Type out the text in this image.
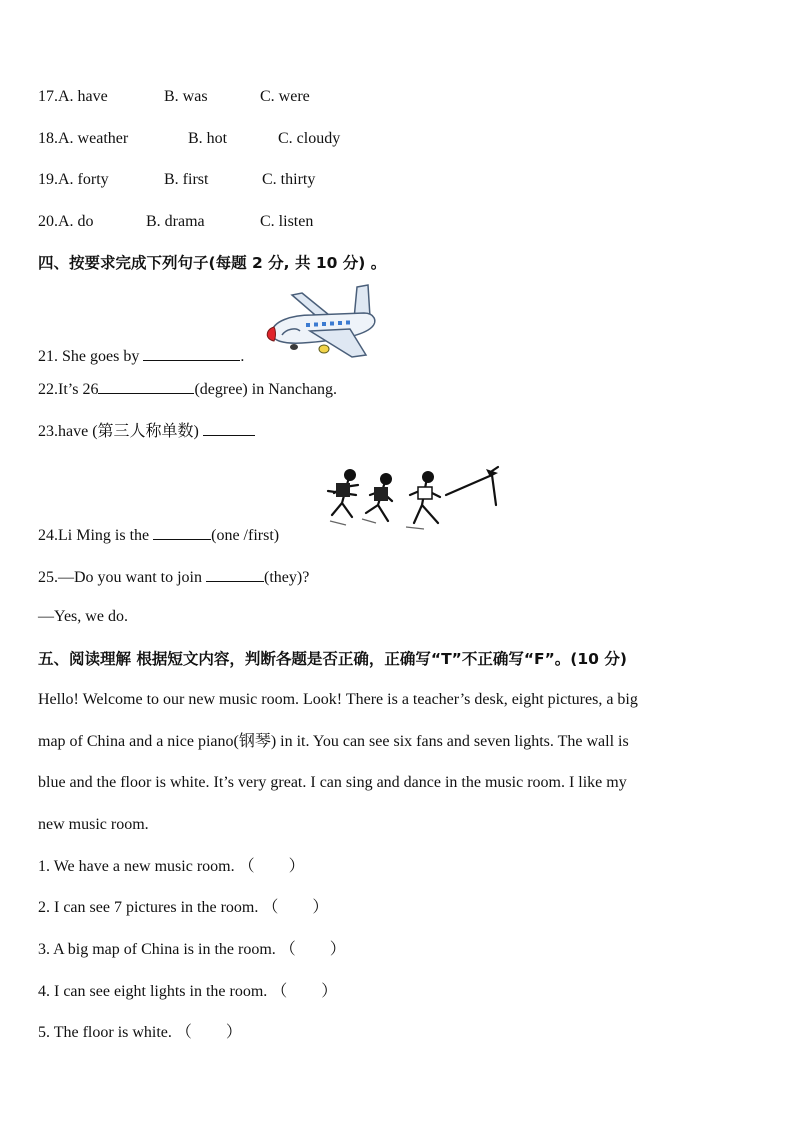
17.A. have	B. was	C. were
18.A. weather	B. hot	C. cloudy
19.A. forty	B. first	C. thirty
20.A. do	B. drama	C. listen
四、按要求完成下列句子(每题 2 分, 共 10 分) 。
21. She goes by	.
22.It’s 26	(degree) in Nanchang.
23.have (第三人称单数)
24.Li Ming is the	(one /first)
25.—Do you want to join	(they)?
—Yes, we do.
五、阅读理解 根据短文内容，判断各题是否正确，正确写“T”不正确写“F”。(10 分)
Hello! Welcome to our new music room. Look! There is a teacher’s desk, eight pictures, a big
map of China and a nice piano(钢琴) in it. You can see six fans and seven lights. The wall is
blue and the floor is white. It’s very great. I can sing and dance in the music room. I like my
new music room.
1. We have a new music room. （ ）
2. I can see 7 pictures in the room. （ ）
3. A big map of China is in the room. （ ）
4. I can see eight lights in the room. （ ）
5. The floor is white. （ ）
